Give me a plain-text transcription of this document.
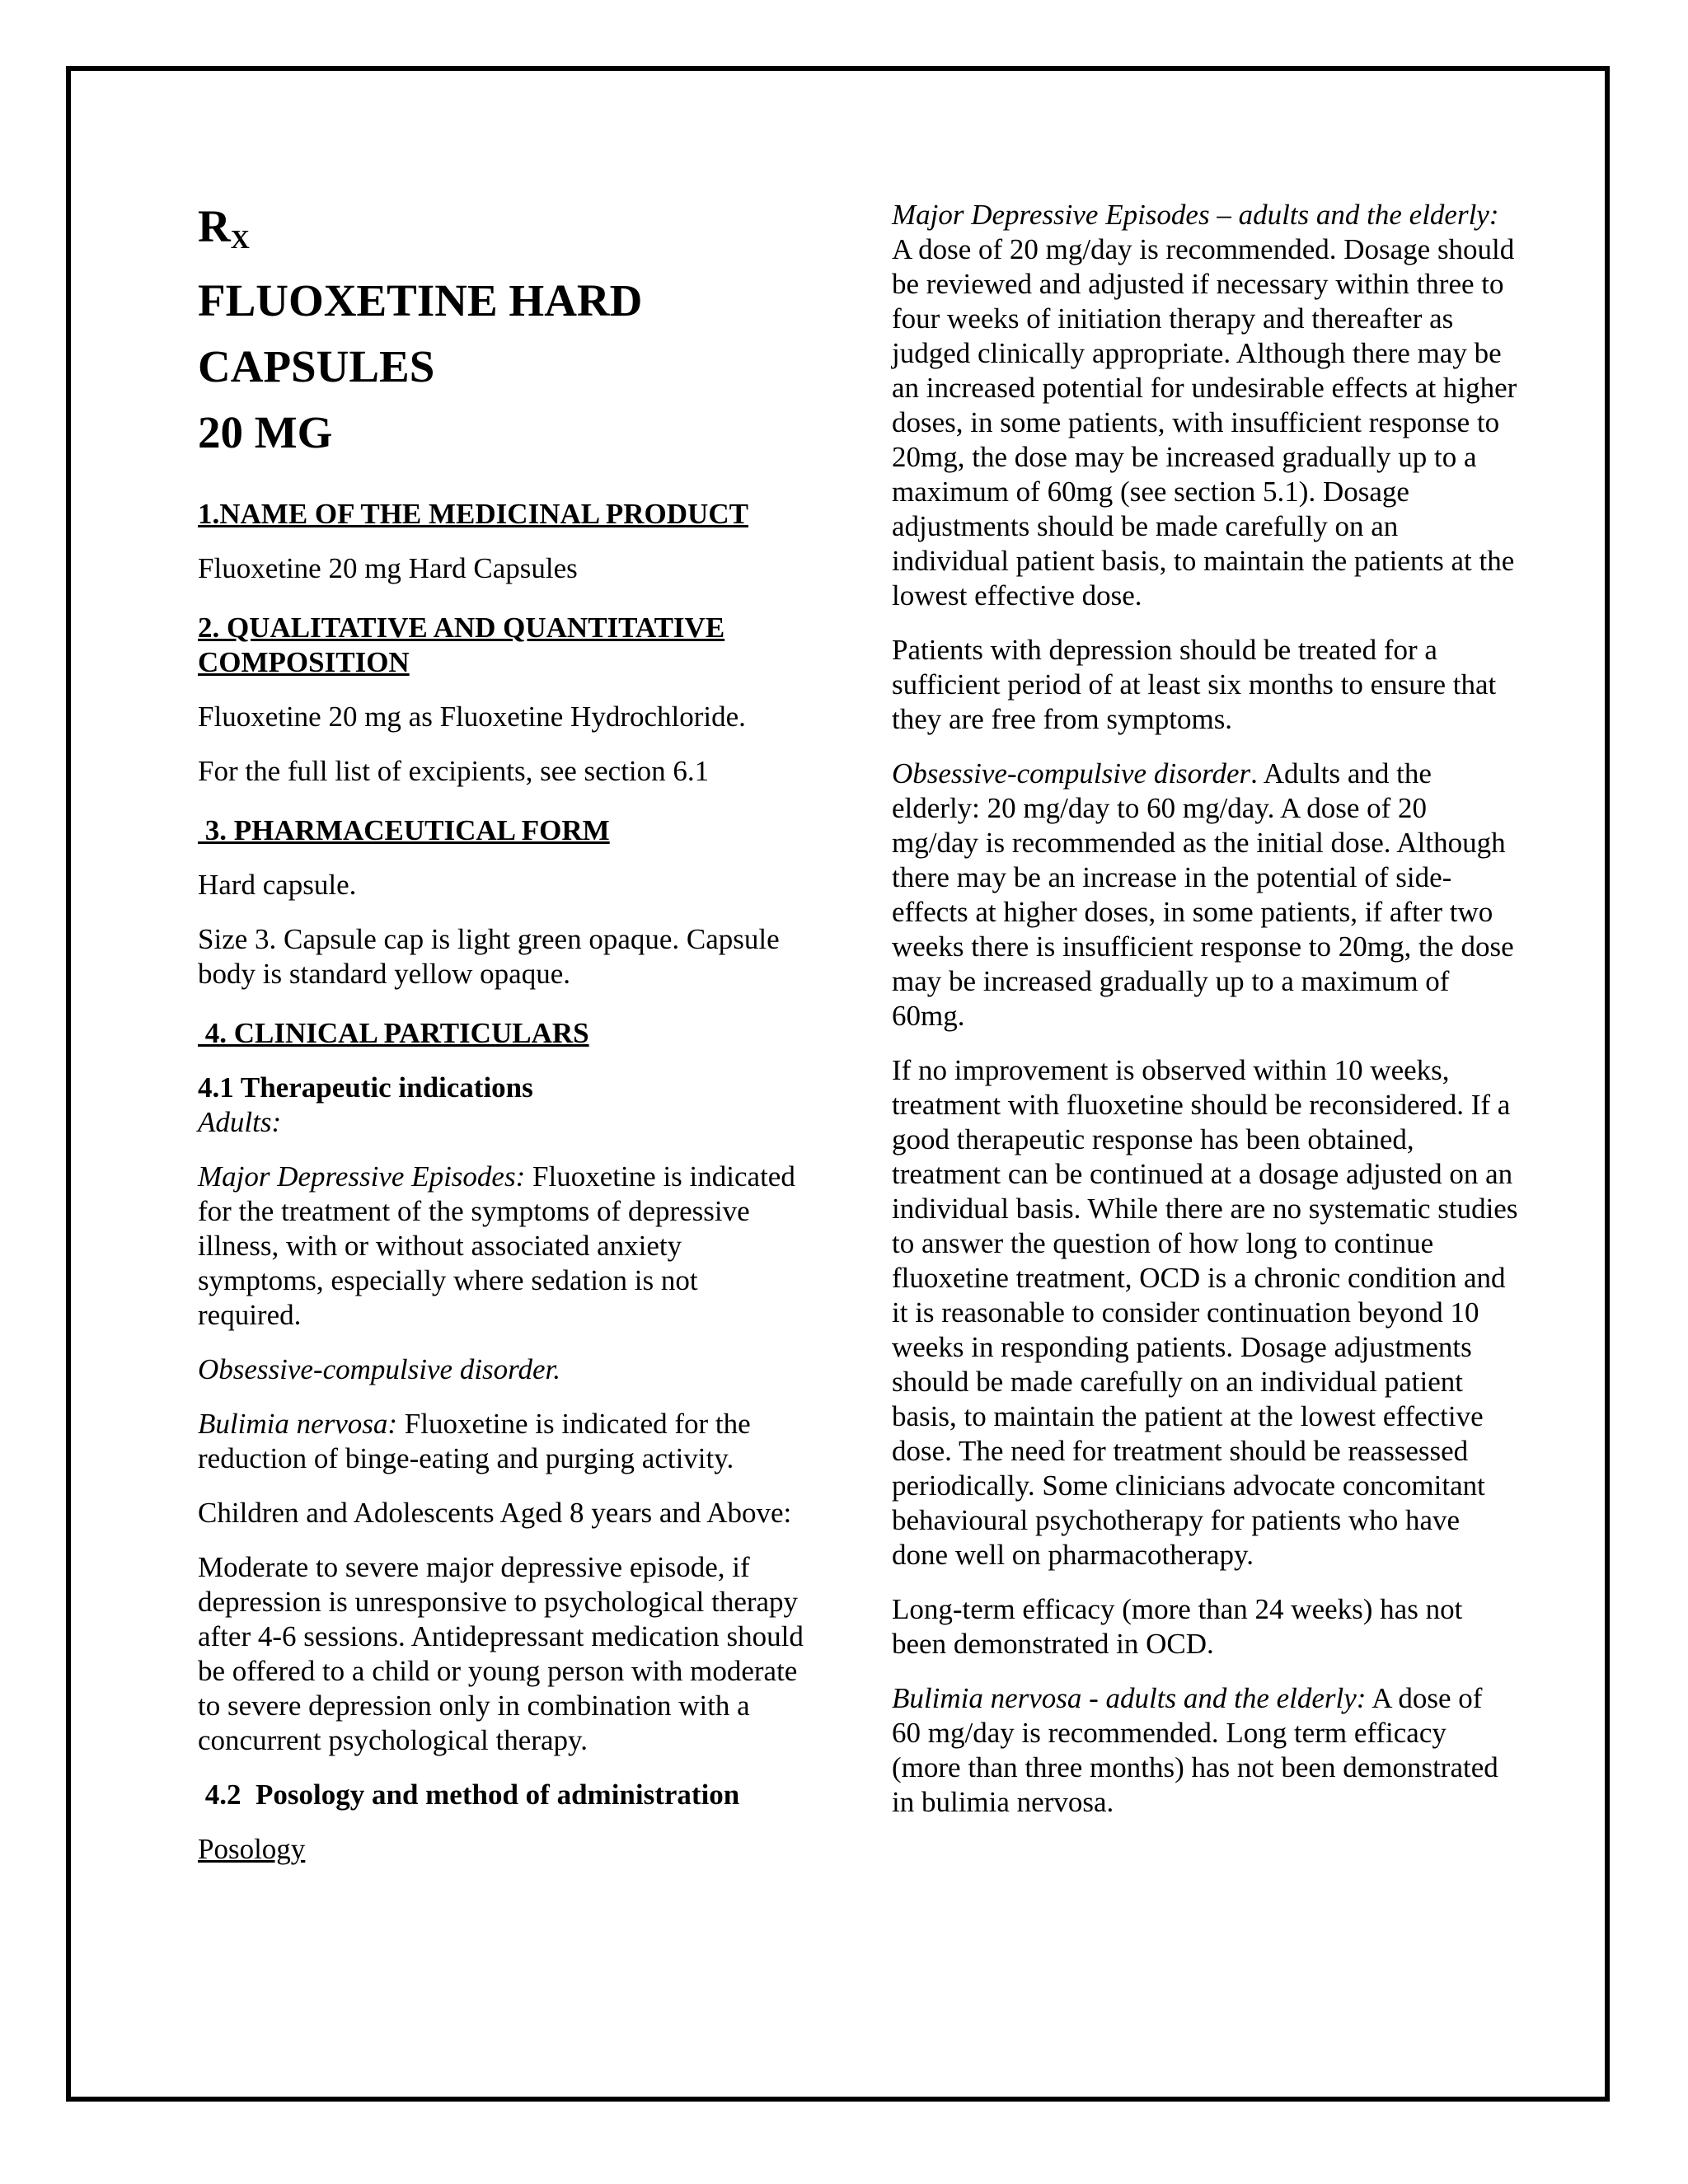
$R_X$
FLUOXETINE HARD
CAPSULES
20 MG
1.NAME OF THE MEDICINAL PRODUCT

Fluoxetine 20 mg Hard Capsules

2. QUALITATIVE AND QUANTITATIVE COMPOSITION

Fluoxetine 20 mg as Fluoxetine Hydrochloride.

For the full list of excipients, see section 6.1

3. PHARMACEUTICAL FORM

Hard capsule.

Size 3. Capsule cap is light green opaque. Capsule body is standard yellow opaque.

4. CLINICAL PARTICULARS
4.1 Therapeutic indications
Adults:

Major Depressive Episodes: Fluoxetine is indicated for the treatment of the symptoms of depressive illness, with or without associated anxiety symptoms, especially where sedation is not required.

Obsessive-compulsive disorder.

Bulimia nervosa: Fluoxetine is indicated for the reduction of binge-eating and purging activity.

Children and Adolescents Aged 8 years and Above:

Moderate to severe major depressive episode, if depression is unresponsive to psychological therapy after 4-6 sessions. Antidepressant medication should be offered to a child or young person with moderate to severe depression only in combination with a concurrent psychological therapy.

4.2  Posology and method of administration

Posology

Major Depressive Episodes – adults and the elderly: A dose of 20 mg/day is recommended. Dosage should be reviewed and adjusted if necessary within three to four weeks of initiation therapy and thereafter as judged clinically appropriate. Although there may be an increased potential for undesirable effects at higher doses, in some patients, with insufficient response to 20mg, the dose may be increased gradually up to a maximum of 60mg (see section 5.1). Dosage adjustments should be made carefully on an individual patient basis, to maintain the patients at the lowest effective dose.

Patients with depression should be treated for a sufficient period of at least six months to ensure that they are free from symptoms.

Obsessive-compulsive disorder. Adults and the elderly: 20 mg/day to 60 mg/day. A dose of 20 mg/day is recommended as the initial dose. Although there may be an increase in the potential of side-effects at higher doses, in some patients, if after two weeks there is insufficient response to 20mg, the dose may be increased gradually up to a maximum of 60mg.

If no improvement is observed within 10 weeks, treatment with fluoxetine should be reconsidered. If a good therapeutic response has been obtained, treatment can be continued at a dosage adjusted on an individual basis. While there are no systematic studies to answer the question of how long to continue fluoxetine treatment, OCD is a chronic condition and it is reasonable to consider continuation beyond 10 weeks in responding patients. Dosage adjustments should be made carefully on an individual patient basis, to maintain the patient at the lowest effective dose. The need for treatment should be reassessed periodically. Some clinicians advocate concomitant behavioural psychotherapy for patients who have done well on pharmacotherapy.

Long-term efficacy (more than 24 weeks) has not been demonstrated in OCD.

Bulimia nervosa - adults and the elderly: A dose of 60 mg/day is recommended. Long term efficacy (more than three months) has not been demonstrated in bulimia nervosa.
